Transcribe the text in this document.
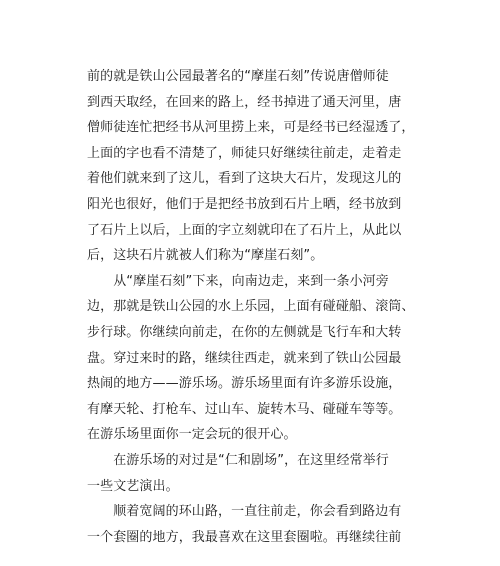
前的就是铁山公园最著名的“摩崖石刻”传说唐僧师徒
到西天取经，在回来的路上，经书掉进了通天河里，唐
僧师徒连忙把经书从河里捞上来，可是经书已经湿透了，
上面的字也看不清楚了，师徒只好继续往前走，走着走
着他们就来到了这儿，看到了这块大石片，发现这儿的
阳光也很好，他们于是把经书放到石片上晒，经书放到
了石片上以后，上面的字立刻就印在了石片上，从此以
后，这块石片就被人们称为“摩崖石刻”。
　　从“摩崖石刻”下来，向南边走，来到一条小河旁
边，那就是铁山公园的水上乐园，上面有碰碰船、滚筒、
步行球。你继续向前走，在你的左侧就是飞行车和大转
盘。穿过来时的路，继续往西走，就来到了铁山公园最
热闹的地方——游乐场。游乐场里面有许多游乐设施，
有摩天轮、打枪车、过山车、旋转木马、碰碰车等等。
在游乐场里面你一定会玩的很开心。
　　在游乐场的对过是“仁和剧场”，在这里经常举行
一些文艺演出。
　　顺着宽阔的环山路，一直往前走，你会看到路边有
一个套圈的地方，我最喜欢在这里套圈啦。再继续往前
